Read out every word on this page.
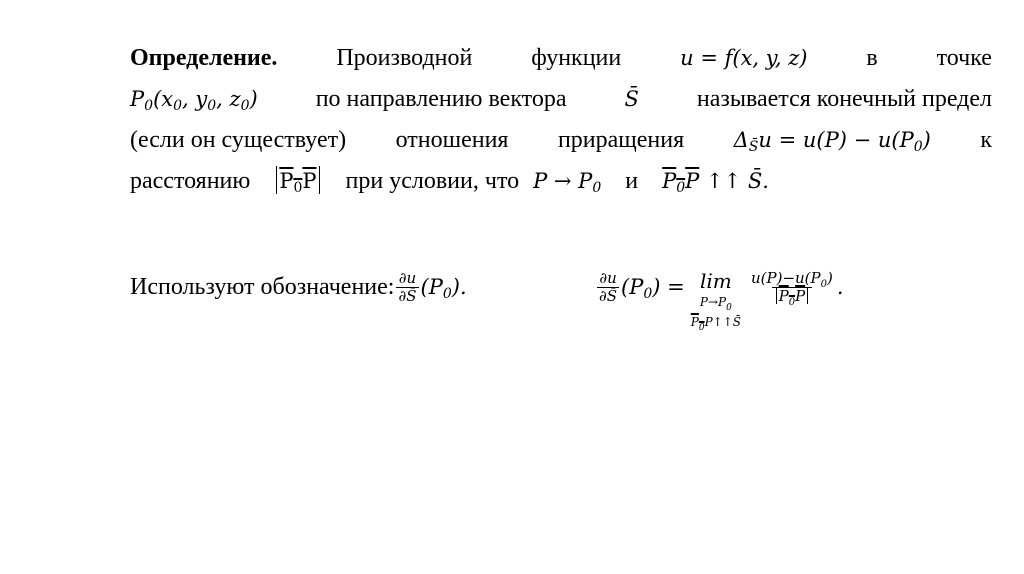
Определение. Производной функции	u = f(x, y, z) в точке
$P_0(x_0$, $y_0$, $z_0$) по направлению вектора	S̄ называется конечный предел
(если он существует) отношения приращения $\Delta_{S̄}u = u(P) - u(P_0)$ к
расстоянию $P_0P$ при условии, что $P \to P_0$ и $P_0P$ ↑↑ S̄.
Используют обозначение: $\frac{\partial u}{\partial S̄} (P_0)$.	$\frac{\partial u}{\partial S̄} (P_0) = \lim$
$P\to P_0$
$P_0P↑↑S̄$
$\frac{u(P)-u(P_0)}{P_0P}$ .
